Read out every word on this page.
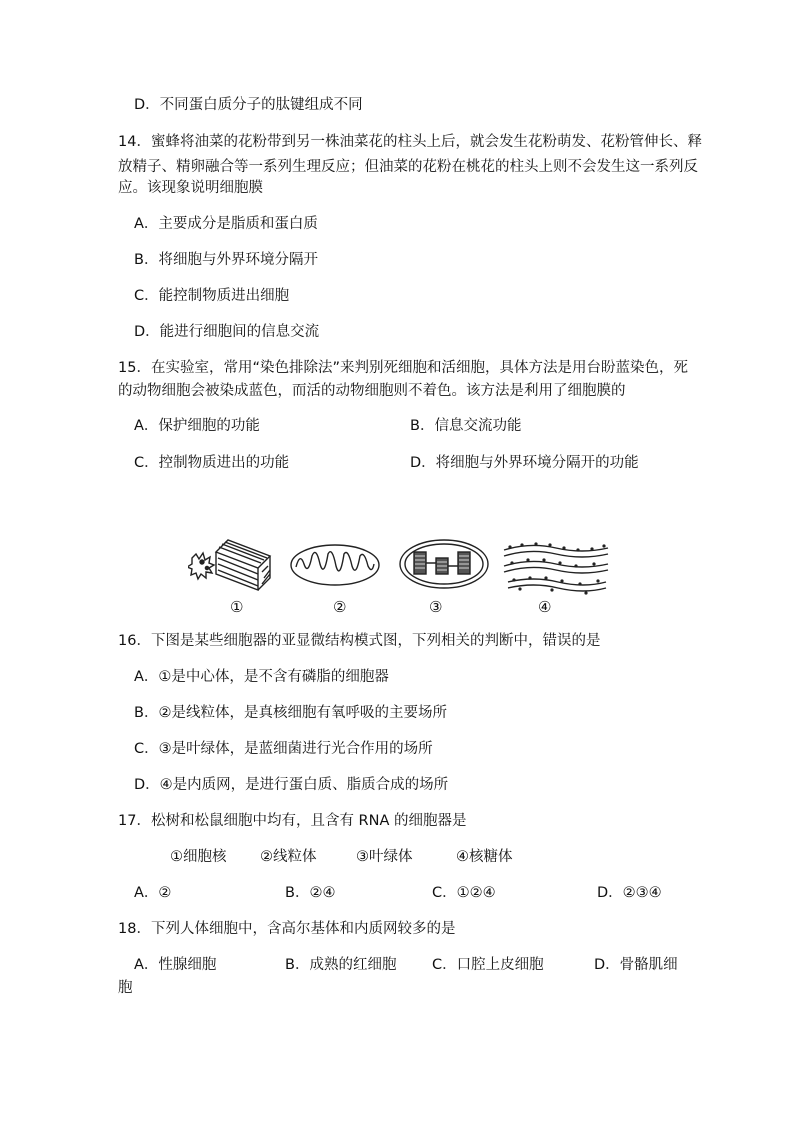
D．不同蛋白质分子的肽键组成不同
14．蜜蜂将油菜的花粉带到另一株油菜花的柱头上后，就会发生花粉萌发、花粉管伸长、释
放精子、精卵融合等一系列生理反应；但油菜的花粉在桃花的柱头上则不会发生这一系列反
应。该现象说明细胞膜
A．主要成分是脂质和蛋白质
B．将细胞与外界环境分隔开
C．能控制物质进出细胞
D．能进行细胞间的信息交流
15．在实验室，常用“染色排除法”来判别死细胞和活细胞，具体方法是用台盼蓝染色，死
的动物细胞会被染成蓝色，而活的动物细胞则不着色。该方法是利用了细胞膜的
A．保护细胞的功能	B．信息交流功能
C．控制物质进出的功能	D．将细胞与外界环境分隔开的功能
①	②	③	④
16．下图是某些细胞器的亚显微结构模式图，下列相关的判断中，错误的是
A．①是中心体，是不含有磷脂的细胞器
B．②是线粒体，是真核细胞有氧呼吸的主要场所
C．③是叶绿体，是蓝细菌进行光合作用的场所
D．④是内质网，是进行蛋白质、脂质合成的场所
17．松树和松鼠细胞中均有，且含有 RNA 的细胞器是
①细胞核 ②线粒体	③叶绿体	④核糖体
A．②	B．②④	C．①②④	D．②③④
18．下列人体细胞中，含高尔基体和内质网较多的是
A．性腺细胞	B．成熟的红细胞 C．口腔上皮细胞	D．骨骼肌细
胞
